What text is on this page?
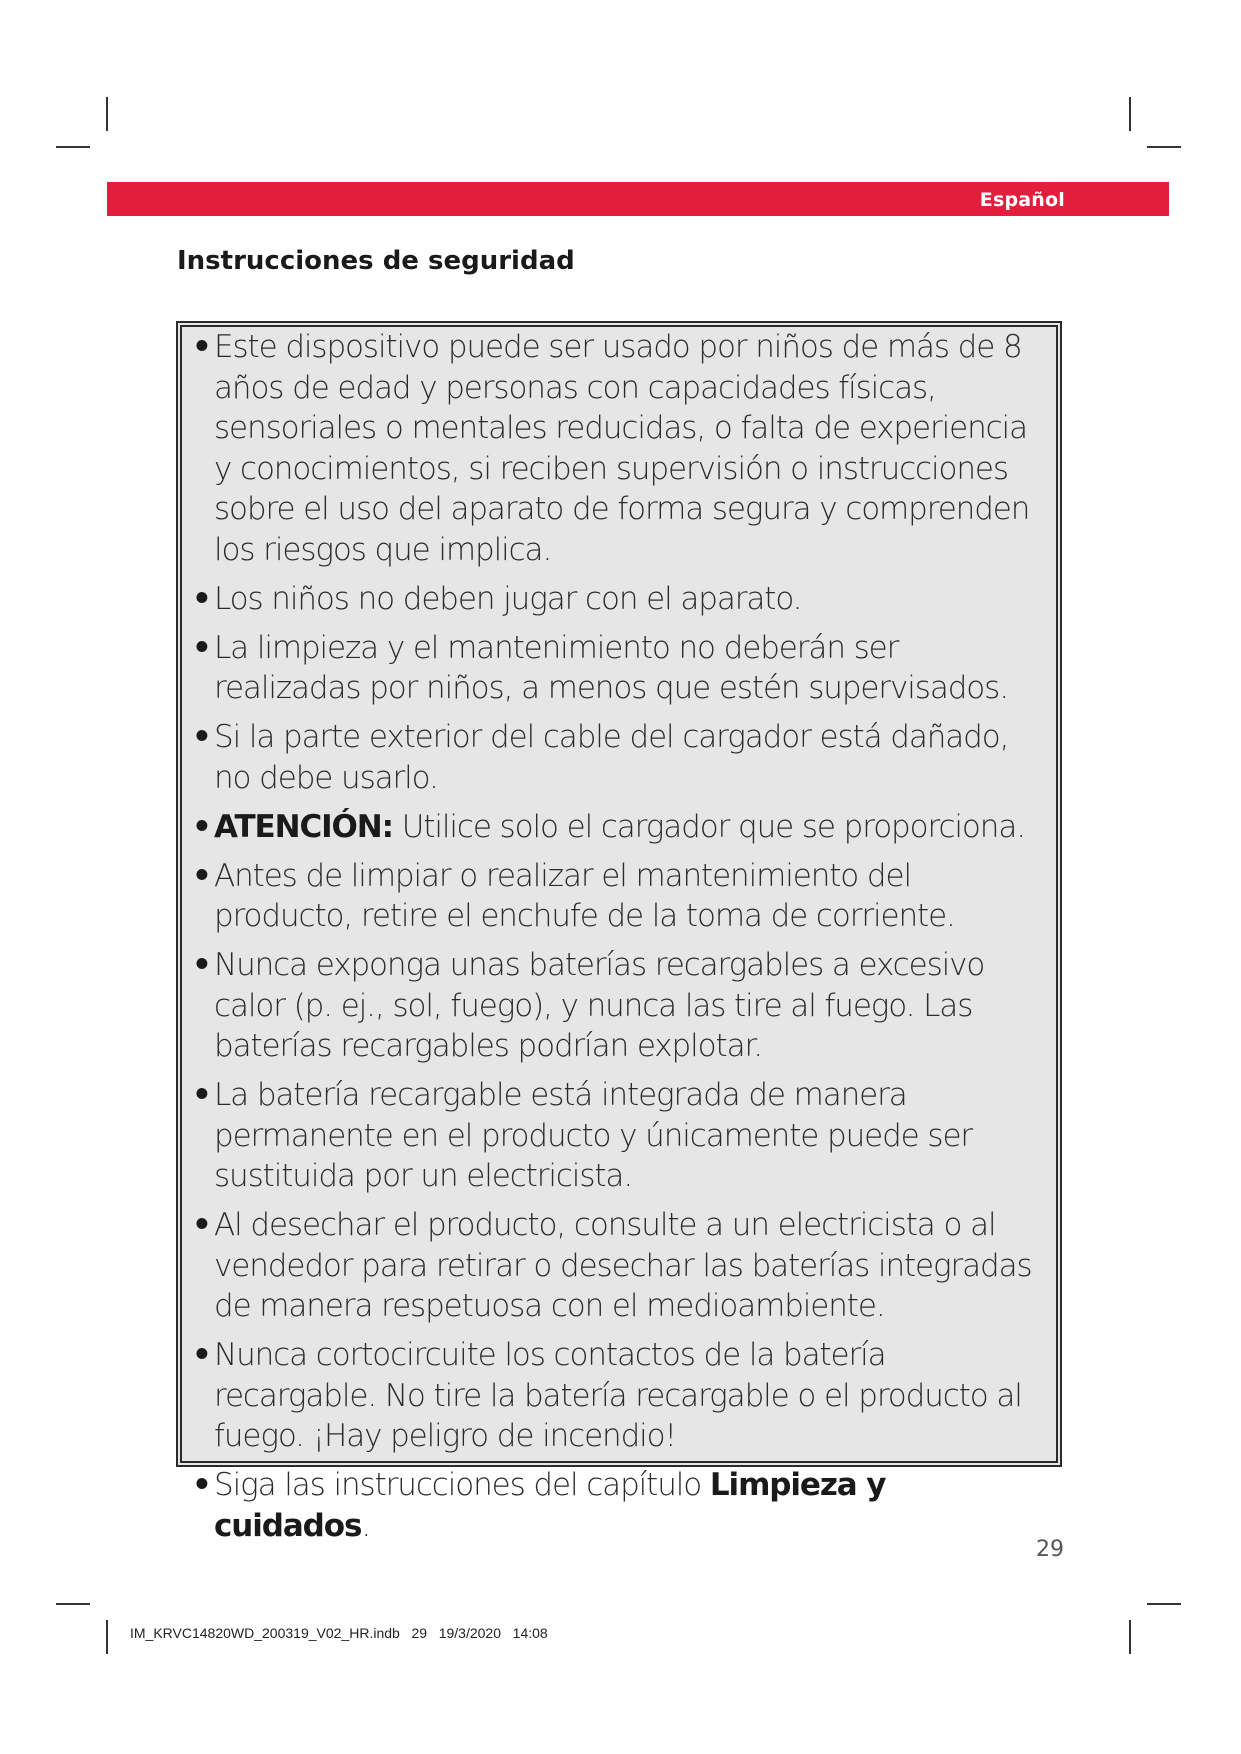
Español
Instrucciones de seguridad
• Este dispositivo puede ser usado por niños de más de 8 años de edad y personas con capacidades físicas, sensoriales o mentales reducidas, o falta de experiencia y conocimientos, si reciben supervisión o instrucciones sobre el uso del aparato de forma segura y comprenden los riesgos que implica.
• Los niños no deben jugar con el aparato.
• La limpieza y el mantenimiento no deberán ser realizadas por niños, a menos que estén supervisados.
• Si la parte exterior del cable del cargador está dañado, no debe usarlo.
• ATENCIÓN: Utilice solo el cargador que se proporciona.
• Antes de limpiar o realizar el mantenimiento del producto, retire el enchufe de la toma de corriente.
• Nunca exponga unas baterías recargables a excesivo calor (p. ej., sol, fuego), y nunca las tire al fuego. Las baterías recargables podrían explotar.
• La batería recargable está integrada de manera permanente en el producto y únicamente puede ser sustituida por un electricista.
• Al desechar el producto, consulte a un electricista o al vendedor para retirar o desechar las baterías integradas de manera respetuosa con el medioambiente.
• Nunca cortocircuite los contactos de la batería recargable. No tire la batería recargable o el producto al fuego. ¡Hay peligro de incendio!
• Siga las instrucciones del capítulo Limpieza y cuidados.
29
IM_KRVC14820WD_200319_V02_HR.indb   29   19/3/2020   14:08
